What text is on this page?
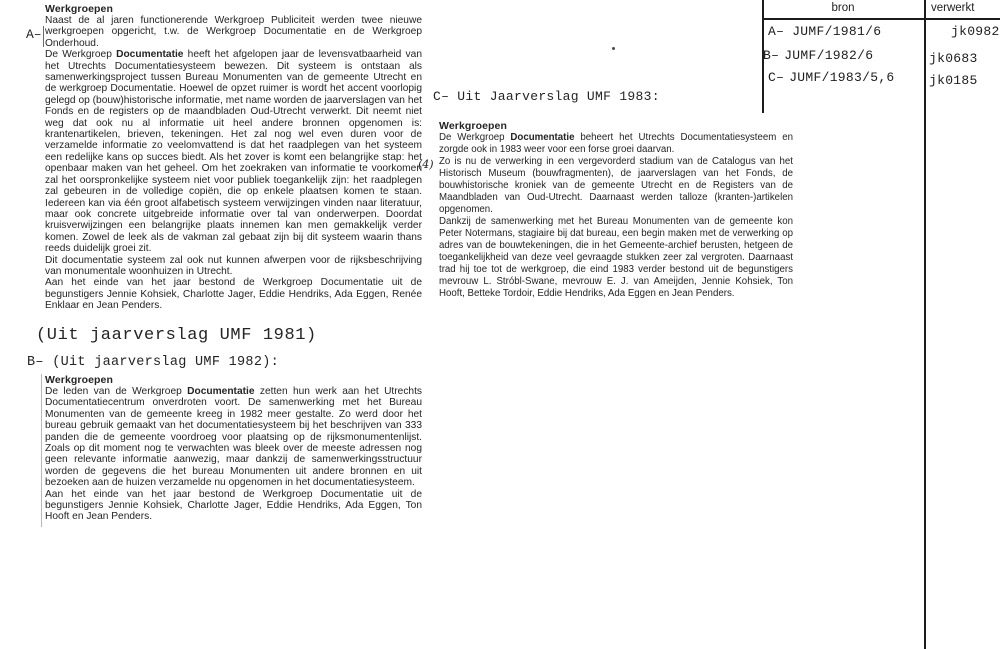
bron	verwerkt
A– JUMF/1981/6	jk0982
B– JUMF/1982/6	jk0683
C– JUMF/1983/5,6	jk0185
A–
Werkgroepen

Naast de al jaren functionerende Werkgroep Publiciteit werden twee nieuwe werkgroepen opgericht, t.w. de Werkgroep Documentatie en de Werkgroep Onderhoud.

De Werkgroep Documentatie heeft het afgelopen jaar de levensvatbaarheid van het Utrechts Documentatiesysteem bewezen. Dit systeem is ontstaan als samenwerkingsproject tussen Bureau Monumenten van de gemeente Utrecht en de werkgroep Documentatie. Hoewel de opzet ruimer is wordt het accent voorlopig gelegd op (bouw)historische informatie, met name worden de jaarverslagen van het Fonds en de registers op de maandbladen Oud-Utrecht verwerkt. Dit neemt niet weg dat ook nu al informatie uit heel andere bronnen opgenomen is: krantenartikelen, brieven, tekeningen. Het zal nog wel even duren voor de verzamelde informatie zo veelomvattend is dat het raadplegen van het systeem een redelijke kans op succes biedt. Als het zover is komt een belangrijke stap: het openbaar maken van het geheel. Om het zoekraken van informatie te voorkomen zal het oorspronkelijke systeem niet voor publiek toegankelijk zijn: het raadplegen zal gebeuren in de volledige copiën, die op enkele plaatsen komen te staan. Iedereen kan via één groot alfabetisch systeem verwijzingen vinden naar literatuur, maar ook concrete uitgebreide informatie over tal van onderwerpen. Doordat kruisverwijzingen een belangrijke plaats innemen kan men gemakkelijk verder komen. Zowel de leek als de vakman zal gebaat zijn bij dit systeem waarin thans reeds duidelijk groei zit.

Dit documentatie systeem zal ook nut kunnen afwerpen voor de rijksbeschrijving van monumentale woonhuizen in Utrecht.

Aan het einde van het jaar bestond de Werkgroep Documentatie uit de begunstigers Jennie Kohsiek, Charlotte Jager, Eddie Hendriks, Ada Eggen, Renée Enklaar en Jean Penders.

(Uit jaarverslag UMF 1981)
B– (Uit jaarverslag UMF 1982):
Werkgroepen

De leden van de Werkgroep Documentatie zetten hun werk aan het Utrechts Documentatiecentrum onverdroten voort. De samenwerking met het Bureau Monumenten van de gemeente kreeg in 1982 meer gestalte. Zo werd door het bureau gebruik gemaakt van het documentatiesysteem bij het beschrijven van 333 panden die de gemeente voordroeg voor plaatsing op de rijksmonumentenlijst. Zoals op dit moment nog te verwachten was bleek over de meeste adressen nog geen relevante informatie aanwezig, maar dankzij de samenwerkingsstructuur worden de gegevens die het bureau Monumenten uit andere bronnen en uit bezoeken aan de huizen verzamelde nu opgenomen in het documentatiesysteem.

Aan het einde van het jaar bestond de Werkgroep Documentatie uit de begunstigers Jennie Kohsiek, Charlotte Jager, Eddie Hendriks, Ada Eggen, Ton Hooft en Jean Penders.

C– Uit Jaarverslag UMF 1983:
(4)
Werkgroepen

De Werkgroep Documentatie beheert het Utrechts Documentatiesysteem en zorgde ook in 1983 weer voor een forse groei daarvan.

Zo is nu de verwerking in een vergevorderd stadium van de Catalogus van het Historisch Museum (bouwfragmenten), de jaarverslagen van het Fonds, de bouwhistorische kroniek van de gemeente Utrecht en de Registers van de Maandbladen van Oud-Utrecht. Daarnaast werden talloze (kranten-)artikelen opgenomen.

Dankzij de samenwerking met het Bureau Monumenten van de gemeente kon Peter Notermans, stagiaire bij dat bureau, een begin maken met de verwerking op adres van de bouwtekeningen, die in het Gemeente-archief berusten, hetgeen de toegankelijkheid van deze veel gevraagde stukken zeer zal vergroten. Daarnaast trad hij toe tot de werkgroep, die eind 1983 verder bestond uit de begunstigers mevrouw L. Stróbl-Swane, mevrouw E. J. van Ameijden, Jennie Kohsiek, Ton Hooft, Betteke Tordoir, Eddie Hendriks, Ada Eggen en Jean Penders.
